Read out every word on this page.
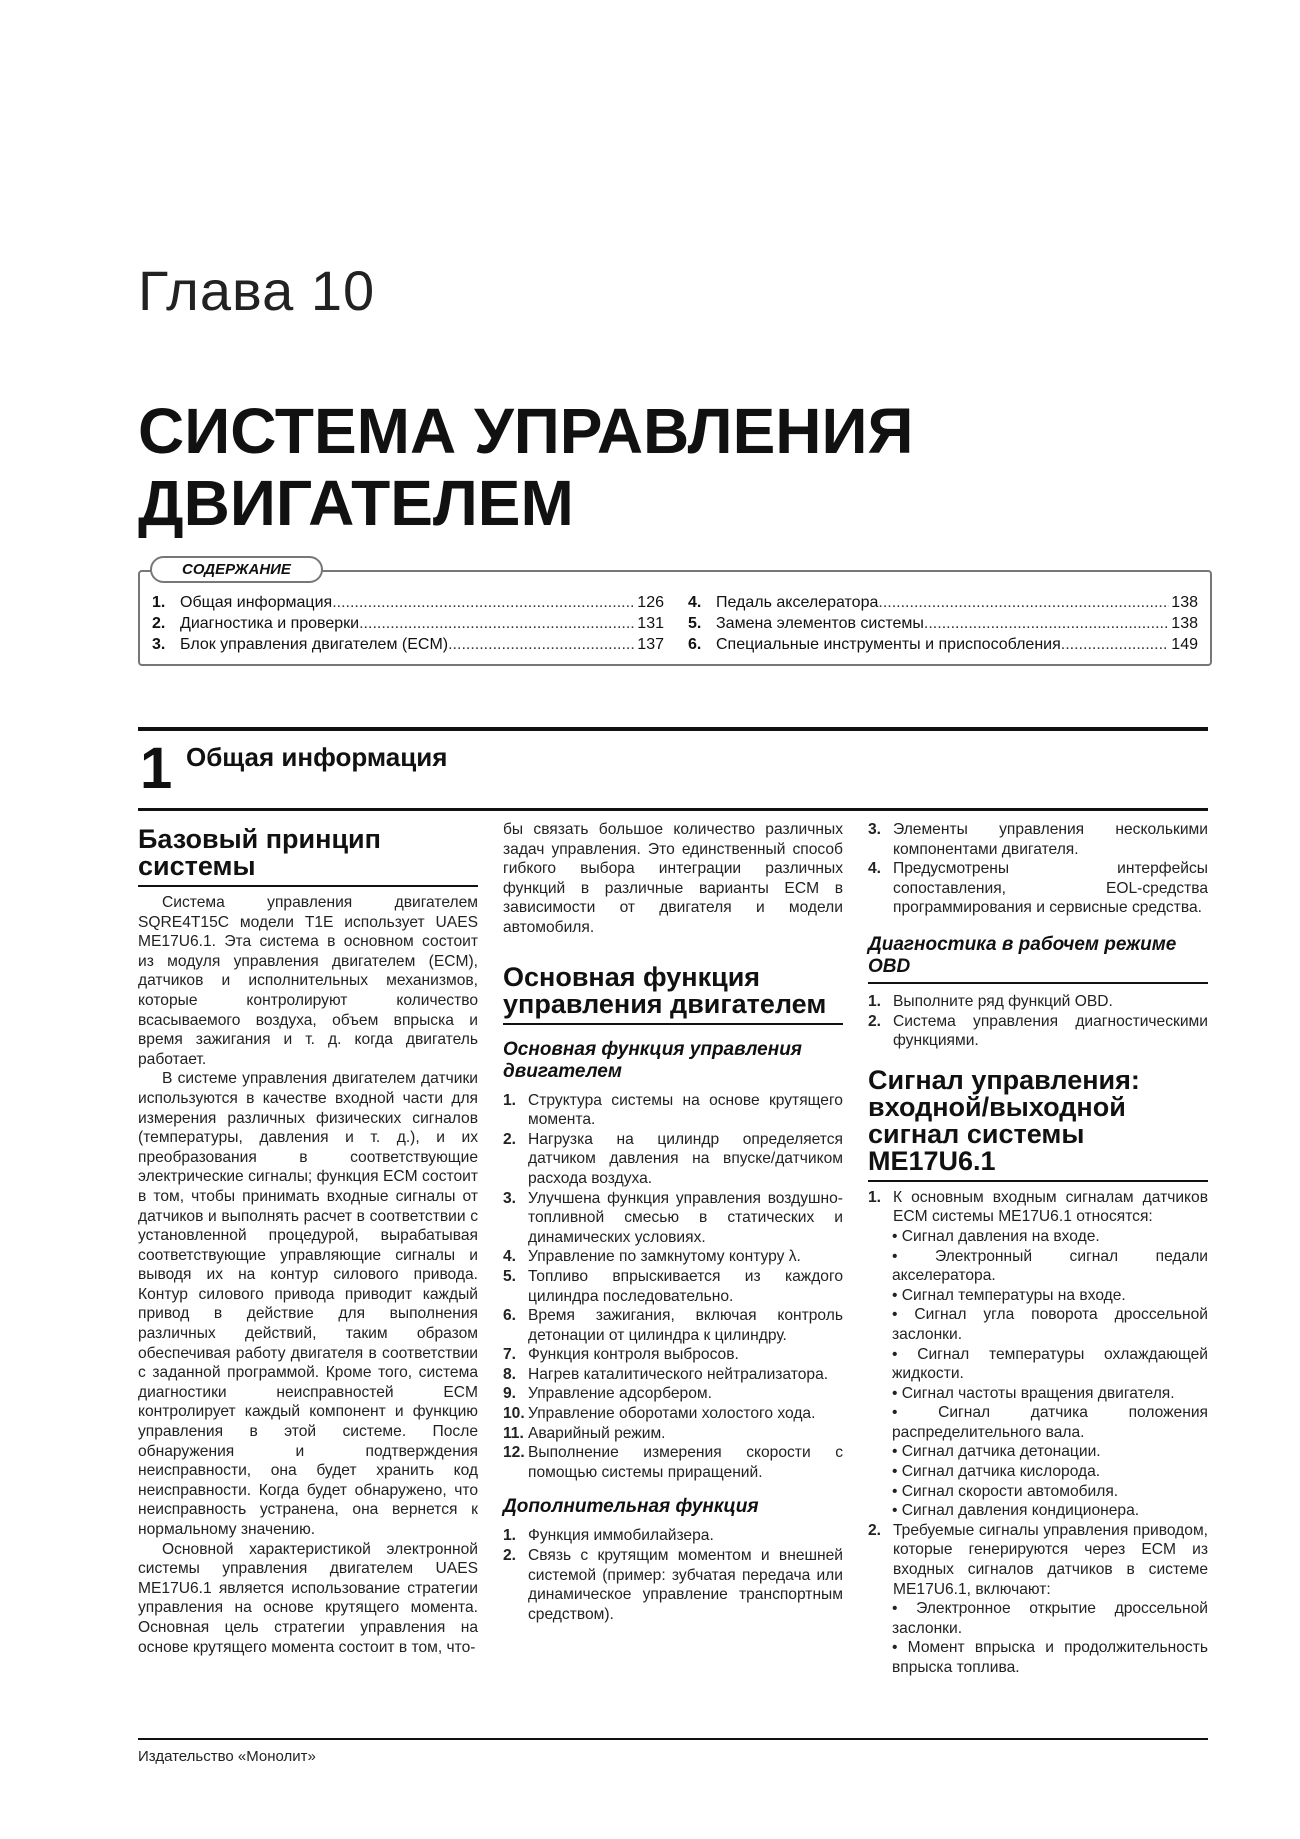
Глава 10
СИСТЕМА УПРАВЛЕНИЯ
ДВИГАТЕЛЕМ
СОДЕРЖАНИЕ
1. Общая информация .....	126
2. Диагностика и проверки .....	131
3. Блок управления двигателем (ECM) .....	137
4. Педаль акселератора .....	138
5. Замена элементов системы .....	138
6. Специальные инструменты и приспособления .....	149
1 Общая информация
Базовый принцип системы

Система управления двигателем SQRE4T15C модели T1E использует UAES ME17U6.1. Эта система в основном состоит из модуля управления двигателем (ECM), датчиков и исполнительных механизмов, которые контролируют количество всасываемого воздуха, объем впрыска и время зажигания и т. д. когда двигатель работает.

В системе управления двигателем датчики используются в качестве входной части для измерения различных физических сигналов (температуры, давления и т. д.), и их преобразования в соответствующие электрические сигналы; функция ECM состоит в том, чтобы принимать входные сигналы от датчиков и выполнять расчет в соответствии с установленной процедурой, вырабатывая соответствующие управляющие сигналы и выводя их на контур силового привода. Контур силового привода приводит каждый привод в действие для выполнения различных действий, таким образом обеспечивая работу двигателя в соответствии с заданной программой. Кроме того, система диагностики неисправностей ECM контролирует каждый компонент и функцию управления в этой системе. После обнаружения и подтверждения неисправности, она будет хранить код неисправности. Когда будет обнаружено, что неисправность устранена, она вернется к нормальному значению.

Основной характеристикой электронной системы управления двигателем UAES ME17U6.1 является использование стратегии управления на основе крутящего момента. Основная цель стратегии управления на основе крутящего момента состоит в том, что-

бы связать большое количество различных задач управления. Это единственный способ гибкого выбора интеграции различных функций в различные варианты ECM в зависимости от двигателя и модели автомобиля.

Основная функция управления двигателем
Основная функция управления двигателем
1. Структура системы на основе крутящего момента.
2. Нагрузка на цилиндр определяется датчиком давления на впуске/датчиком расхода воздуха.
3. Улучшена функция управления воздушно-топливной смесью в статических и динамических условиях.
4. Управление по замкнутому контуру λ.
5. Топливо впрыскивается из каждого цилиндра последовательно.
6. Время зажигания, включая контроль детонации от цилиндра к цилиндру.
7. Функция контроля выбросов.
8. Нагрев каталитического нейтрализатора.
9. Управление адсорбером.
10. Управление оборотами холостого хода.
11. Аварийный режим.
12. Выполнение измерения скорости с помощью системы приращений.
Дополнительная функция
1. Функция иммобилайзера.
2. Связь с крутящим моментом и внешней системой (пример: зубчатая передача или динамическое управление транспортным средством).
3. Элементы управления несколькими компонентами двигателя.
4. Предусмотрены интерфейсы сопоставления, EOL-средства программирования и сервисные средства.
Диагностика в рабочем режиме OBD
1. Выполните ряд функций OBD.
2. Система управления диагностическими функциями.
Сигнал управления: входной/выходной сигнал системы ME17U6.1
1. К основным входным сигналам датчиков ECM системы ME17U6.1 относятся:
• Сигнал давления на входе.
• Электронный сигнал педали акселератора.
• Сигнал температуры на входе.
• Сигнал угла поворота дроссельной заслонки.
• Сигнал температуры охлаждающей жидкости.
• Сигнал частоты вращения двигателя.
• Сигнал датчика положения распределительного вала.
• Сигнал датчика детонации.
• Сигнал датчика кислорода.
• Сигнал скорости автомобиля.
• Сигнал давления кондиционера.
2. Требуемые сигналы управления приводом, которые генерируются через ECM из входных сигналов датчиков в системе ME17U6.1, включают:
• Электронное открытие дроссельной заслонки.
• Момент впрыска и продолжительность впрыска топлива.
Издательство «Монолит»
